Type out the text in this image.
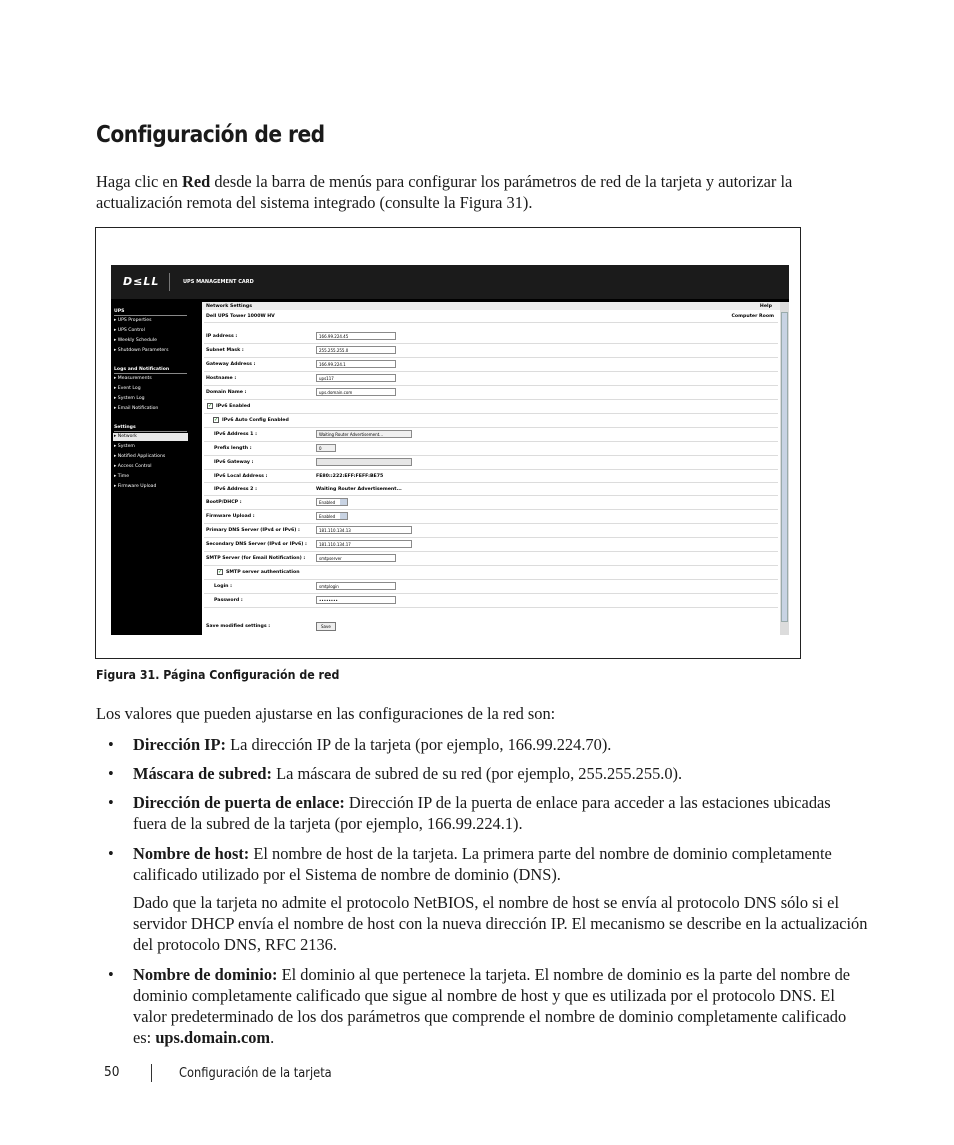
Configuración de red
Haga clic en Red desde la barra de menús para configurar los parámetros de red de la tarjeta y autorizar la actualización remota del sistema integrado (consulte la Figura 31).
D≤LL	UPS MANAGEMENT CARD
UPS
▸ UPS Properties
▸ UPS Control
▸ Weekly Schedule
▸ Shutdown Parameters
Logs and Notification
▸ Measurements
▸ Event Log
▸ System Log
▸ Email Notification
Settings
▸ Network
▸ System
▸ Notified Applications
▸ Access Control
▸ Time
▸ Firmware Upload
Network Settings	Help
Dell UPS Tower 1000W HV	Computer Room
IP address :	166.99.224.45
Subnet Mask :	255.255.255.0
Gateway Address :	166.99.224.1
Hostname :	ups117
Domain Name :	ups.domain.com
✓ IPv6 Enabled
✓ IPv6 Auto Config Enabled
IPv6 Address 1 :	Waiting Router Advertisement...
Prefix length :	0
IPv6 Gateway :
IPv6 Local Address :	FE80::222:EFF:FEFF:BE75
IPv6 Address 2 :	Waiting Router Advertisement...
BootP/DHCP :	Enabled
Firmware Upload :	Enabled
Primary DNS Server (IPv4 or IPv6) :	181.110.134.13
Secondary DNS Server (IPv4 or IPv6) :	181.110.134.17
SMTP Server (for Email Notification) :	smtpserver
✓ SMTP server authentication
Login :	smtplogin
Password :	••••••••
Save modified settings :	Save
Figura 31. Página Configuración de red
Los valores que pueden ajustarse en las configuraciones de la red son:
• Dirección IP: La dirección IP de la tarjeta (por ejemplo, 166.99.224.70).
• Máscara de subred: La máscara de subred de su red (por ejemplo, 255.255.255.0).
• Dirección de puerta de enlace: Dirección IP de la puerta de enlace para acceder a las estaciones ubicadas fuera de la subred de la tarjeta (por ejemplo, 166.99.224.1).
• Nombre de host: El nombre de host de la tarjeta. La primera parte del nombre de dominio completamente calificado utilizado por el Sistema de nombre de dominio (DNS).
Dado que la tarjeta no admite el protocolo NetBIOS, el nombre de host se envía al protocolo DNS sólo si el servidor DHCP envía el nombre de host con la nueva dirección IP. El mecanismo se describe en la actualización del protocolo DNS, RFC 2136.
• Nombre de dominio: El dominio al que pertenece la tarjeta. El nombre de dominio es la parte del nombre de dominio completamente calificado que sigue al nombre de host y que es utilizada por el protocolo DNS. El valor predeterminado de los dos parámetros que comprende el nombre de dominio completamente calificado es: ups.domain.com.
50	Configuración de la tarjeta
